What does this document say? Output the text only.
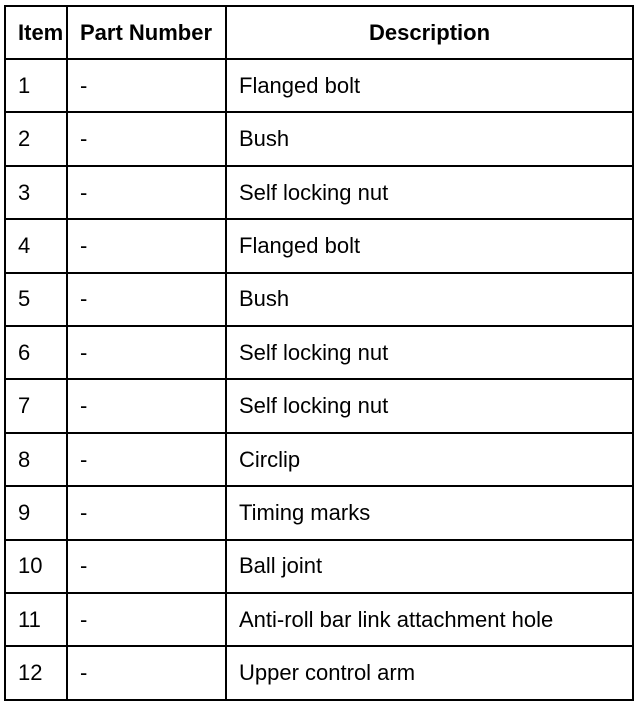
Item	Part Number	Description
1	-	Flanged bolt
2	-	Bush
3	-	Self locking nut
4	-	Flanged bolt
5	-	Bush
6	-	Self locking nut
7	-	Self locking nut
8	-	Circlip
9	-	Timing marks
10	-	Ball joint
11	-	Anti-roll bar link attachment hole
12	-	Upper control arm
